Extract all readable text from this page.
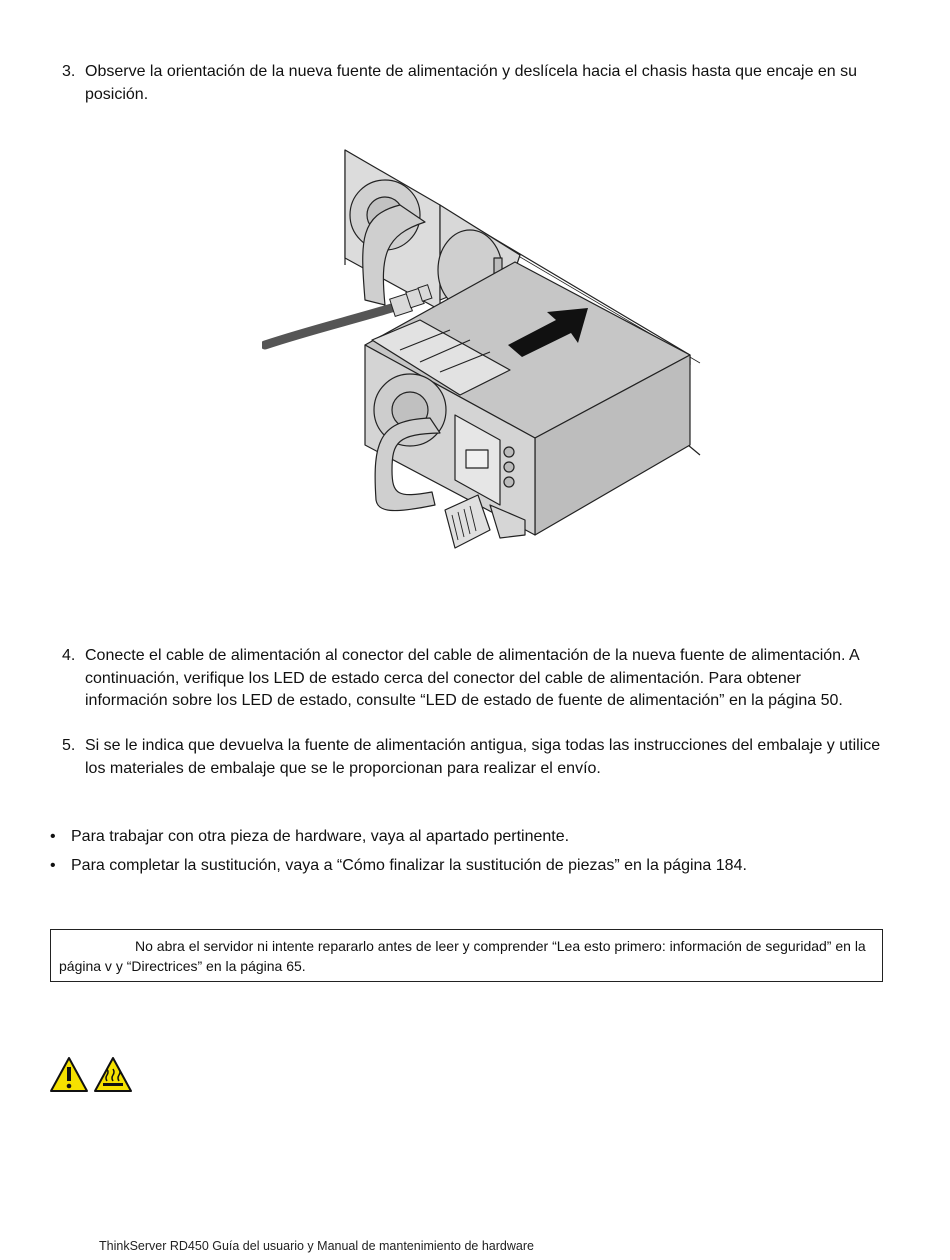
3. Observe la orientación de la nueva fuente de alimentación y deslícela hacia el chasis hasta que encaje en su posición.
4. Conecte el cable de alimentación al conector del cable de alimentación de la nueva fuente de alimentación. A continuación, verifique los LED de estado cerca del conector del cable de alimentación. Para obtener información sobre los LED de estado, consulte “LED de estado de fuente de alimentación” en la página 50.
5. Si se le indica que devuelva la fuente de alimentación antigua, siga todas las instrucciones del embalaje y utilice los materiales de embalaje que se le proporcionan para realizar el envío.
• Para trabajar con otra pieza de hardware, vaya al apartado pertinente.
• Para completar la sustitución, vaya a “Cómo finalizar la sustitución de piezas” en la página 184.
No abra el servidor ni intente repararlo antes de leer y comprender “Lea esto primero: información de seguridad” en la página v y “Directrices” en la página 65.
ThinkServer RD450 Guía del usuario y Manual de mantenimiento de hardware
